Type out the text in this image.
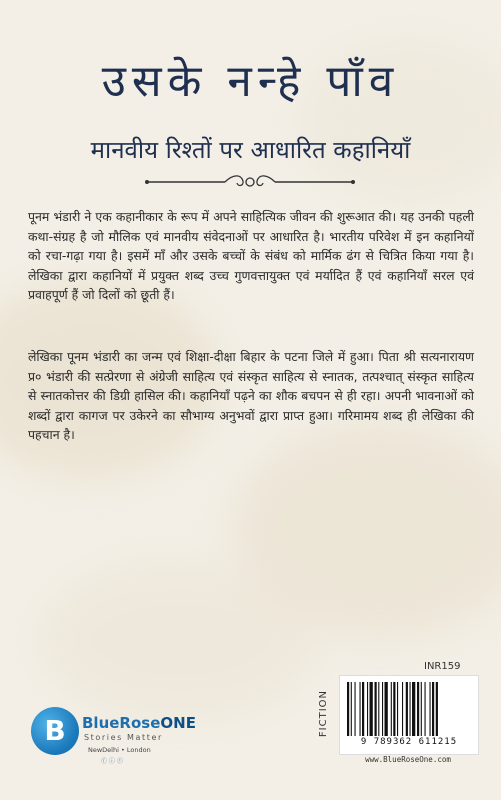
उसके नन्हे पाँव
मानवीय रिश्तों पर आधारित कहानियाँ
पूनम भंडारी ने एक कहानीकार के रूप में अपने साहित्यिक जीवन की शुरूआत की। यह उनकी पहली कथा-संग्रह है जो मौलिक एवं मानवीय संवेदनाओं पर आधारित है। भारतीय परिवेश में इन कहानियों को रचा-गढ़ा गया है। इसमें माँ और उसके बच्चों के संबंध को मार्मिक ढंग से चित्रित किया गया है। लेखिका द्वारा कहानियों में प्रयुक्त शब्द उच्च गुणवत्तायुक्त एवं मर्यादित हैं एवं कहानियाँ सरल एवं प्रवाहपूर्ण हैं जो दिलों को छूती हैं।
लेखिका पूनम भंडारी का जन्म एवं शिक्षा-दीक्षा बिहार के पटना जिले में हुआ। पिता श्री सत्यनारायण प्र० भंडारी की सत्प्रेरणा से अंग्रेजी साहित्य एवं संस्कृत साहित्य से स्नातक, तत्पश्चात् संस्कृत साहित्य से स्नातकोत्तर की डिग्री हासिल की। कहानियाँ पढ़ने का शौक बचपन से ही रहा। अपनी भावनाओं को शब्दों द्वारा कागज पर उकेरने का सौभाग्य अनुभवों द्वारा प्राप्त हुआ। गरिमामय शब्द ही लेखिका की पहचान है।
INR159
FICTION
9 789362 611215
www.BlueRoseOne.com
B	BlueRoseONE
Stories Matter
NewDelhi • London
ⓕ ⓘ ⓨ
